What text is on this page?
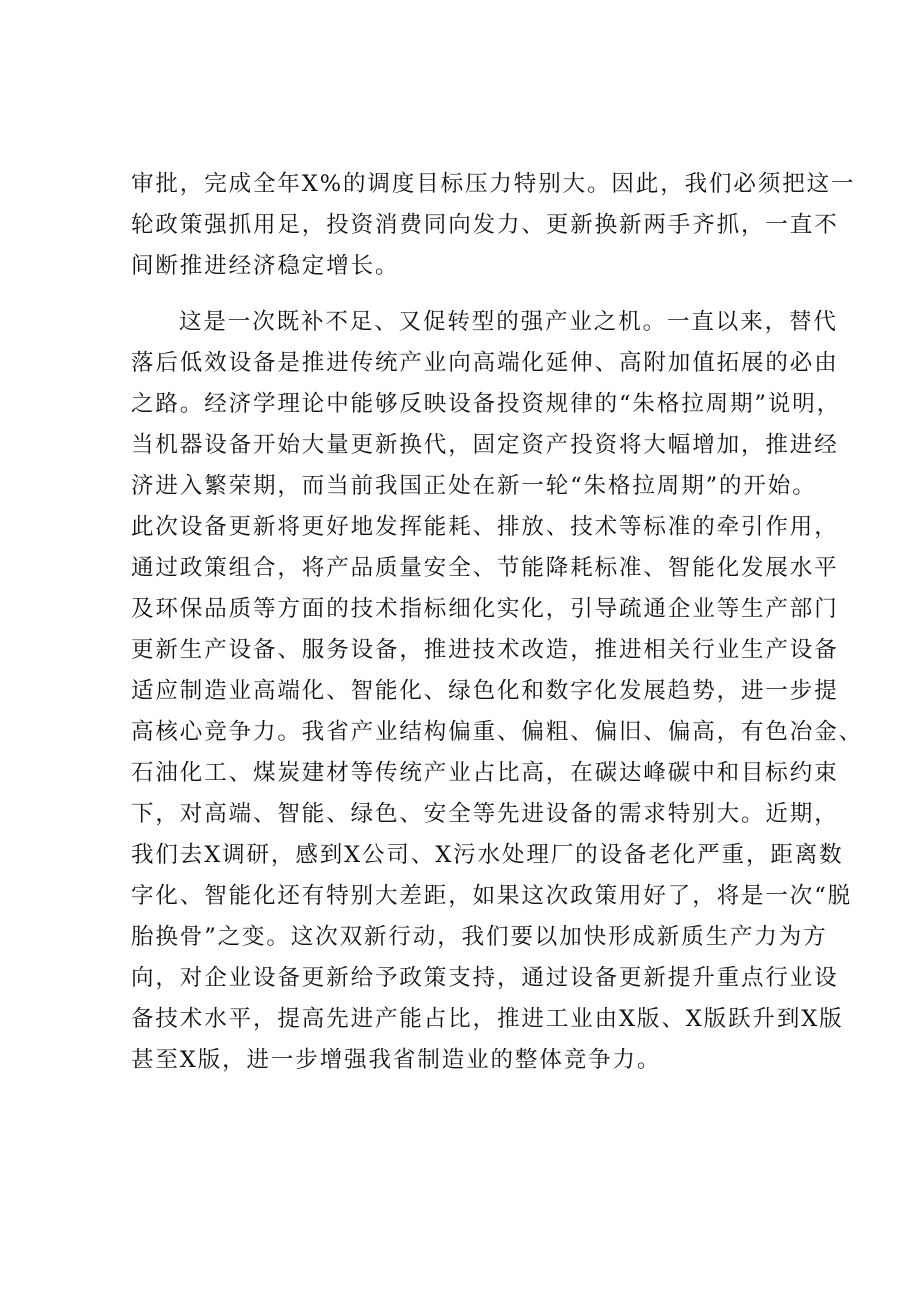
审批，完成全年X%的调度目标压力特别大。因此，我们必须把这一

轮政策强抓用足，投资消费同向发力、更新换新两手齐抓，一直不

间断推进经济稳定增长。

这是一次既补不足、又促转型的强产业之机。一直以来，替代

落后低效设备是推进传统产业向高端化延伸、高附加值拓展的必由

之路。经济学理论中能够反映设备投资规律的“朱格拉周期”说明，

当机器设备开始大量更新换代，固定资产投资将大幅增加，推进经

济进入繁荣期，而当前我国正处在新一轮“朱格拉周期”的开始。

此次设备更新将更好地发挥能耗、排放、技术等标准的牵引作用，

通过政策组合，将产品质量安全、节能降耗标准、智能化发展水平

及环保品质等方面的技术指标细化实化，引导疏通企业等生产部门

更新生产设备、服务设备，推进技术改造，推进相关行业生产设备

适应制造业高端化、智能化、绿色化和数字化发展趋势，进一步提

高核心竞争力。我省产业结构偏重、偏粗、偏旧、偏高，有色冶金、

石油化工、煤炭建材等传统产业占比高，在碳达峰碳中和目标约束

下，对高端、智能、绿色、安全等先进设备的需求特别大。近期，

我们去X调研，感到X公司、X污水处理厂的设备老化严重，距离数

字化、智能化还有特别大差距，如果这次政策用好了，将是一次“脱

胎换骨”之变。这次双新行动，我们要以加快形成新质生产力为方

向，对企业设备更新给予政策支持，通过设备更新提升重点行业设

备技术水平，提高先进产能占比，推进工业由X版、X版跃升到X版

甚至X版，进一步增强我省制造业的整体竞争力。
